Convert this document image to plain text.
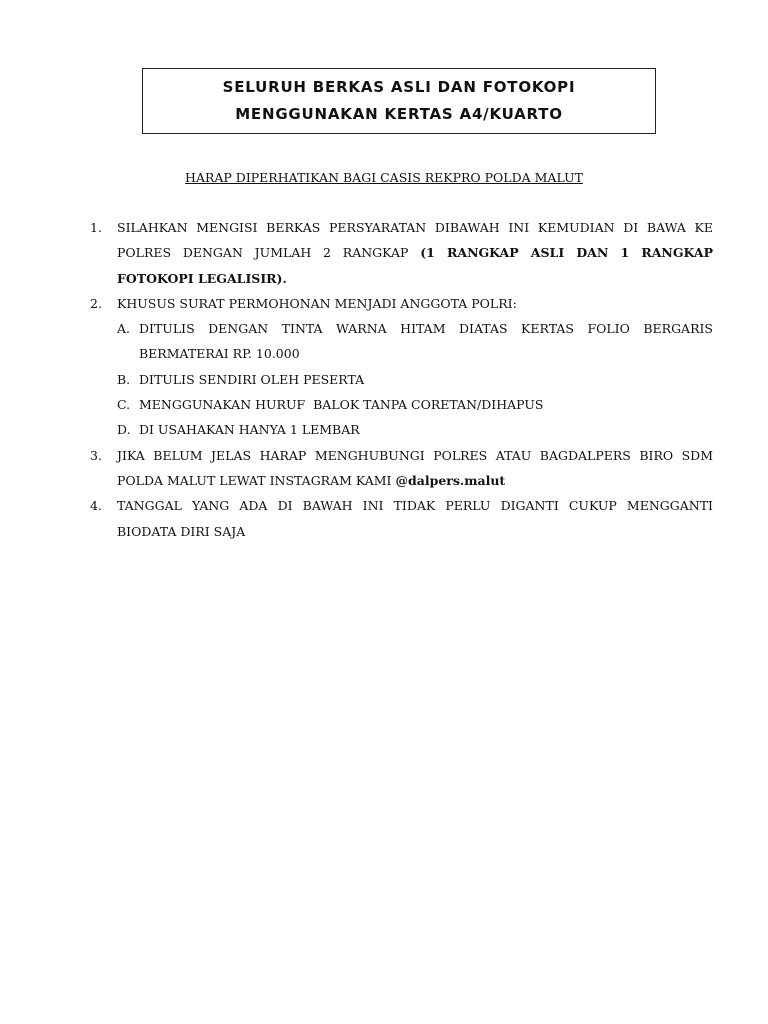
SELURUH BERKAS ASLI DAN FOTOKOPI
MENGGUNAKAN KERTAS A4/KUARTO
HARAP DIPERHATIKAN BAGI CASIS REKPRO POLDA MALUT
1.	SILAHKAN MENGISI BERKAS PERSYARATAN DIBAWAH INI KEMUDIAN DI BAWA KE POLRES DENGAN JUMLAH 2 RANGKAP (1 RANGKAP ASLI DAN 1 RANGKAP FOTOKOPI LEGALISIR).
2.	KHUSUS SURAT PERMOHONAN MENJADI ANGGOTA POLRI:
A. DITULIS DENGAN TINTA WARNA HITAM DIATAS KERTAS FOLIO BERGARIS BERMATERAI RP. 10.000
B. DITULIS SENDIRI OLEH PESERTA
C. MENGGUNAKAN HURUF  BALOK TANPA CORETAN/DIHAPUS
D. DI USAHAKAN HANYA 1 LEMBAR
3.	JIKA BELUM JELAS HARAP MENGHUBUNGI POLRES ATAU BAGDALPERS BIRO SDM POLDA MALUT LEWAT INSTAGRAM KAMI @dalpers.malut
4.	TANGGAL YANG ADA DI BAWAH INI TIDAK PERLU DIGANTI CUKUP MENGGANTI BIODATA DIRI SAJA
